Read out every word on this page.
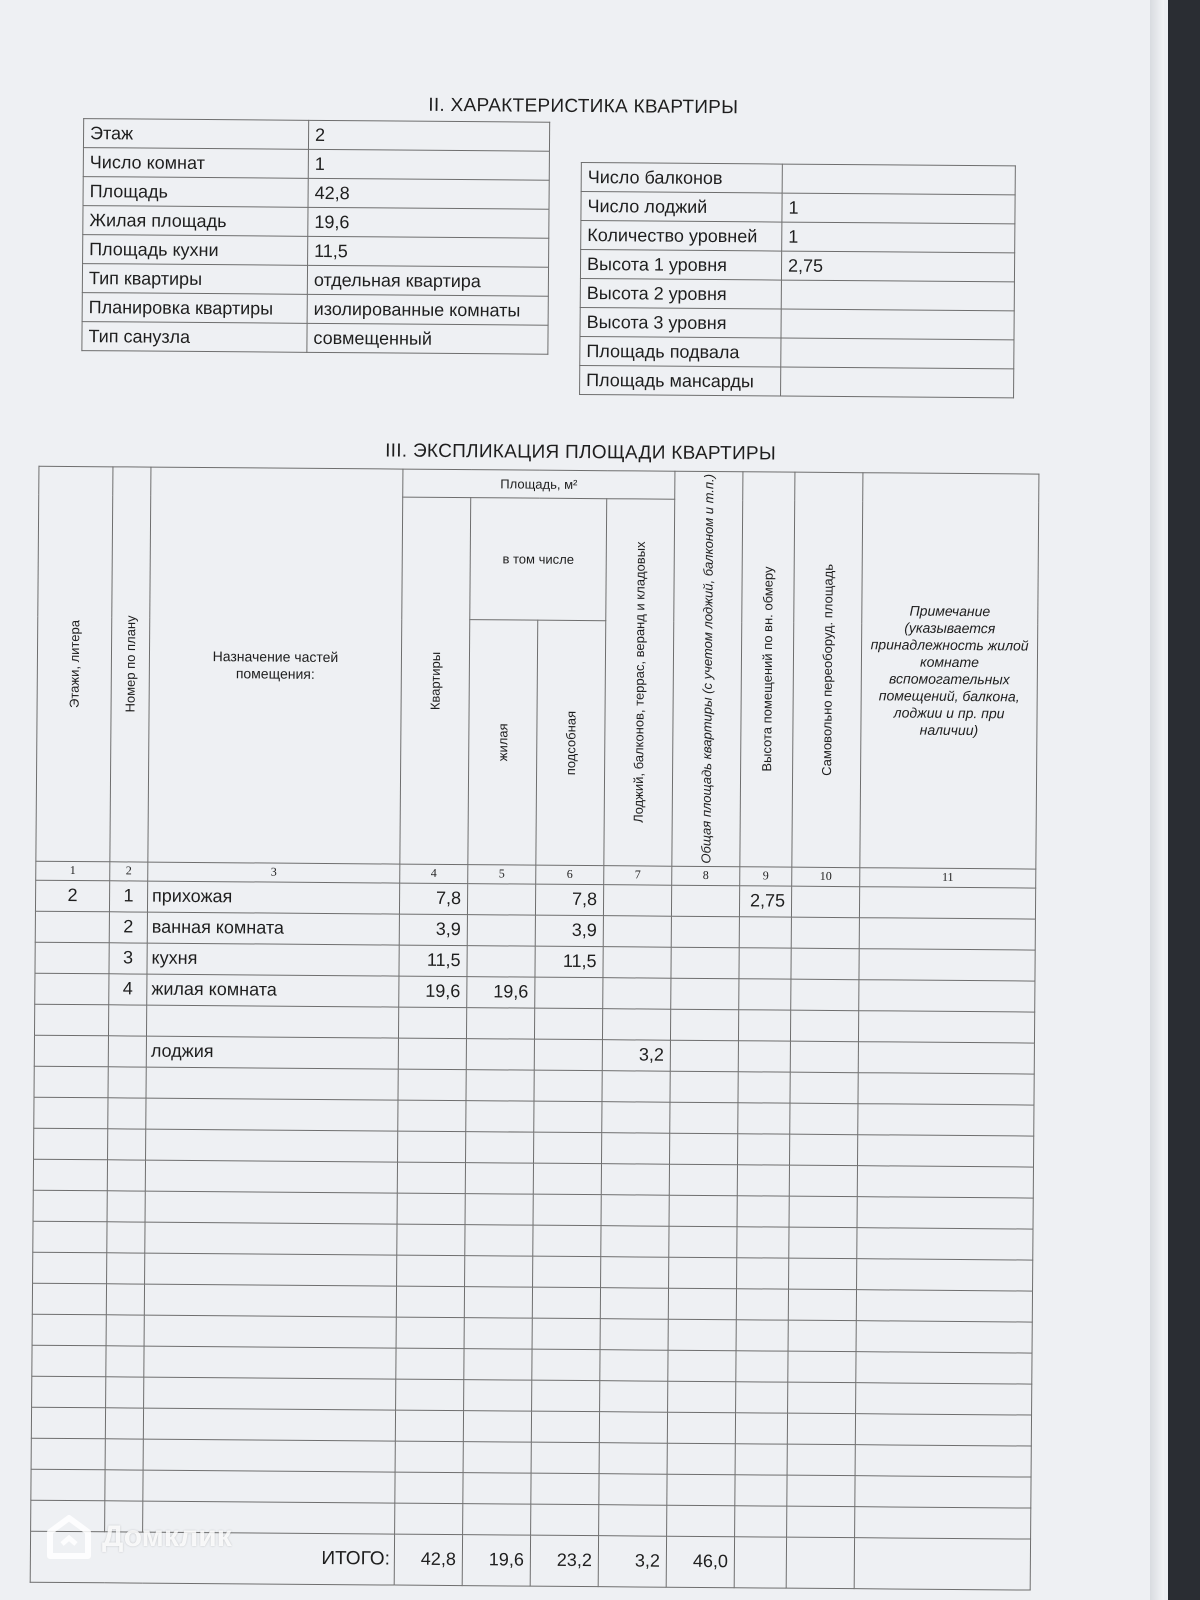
II. ХАРАКТЕРИСТИКА КВАРТИРЫ
Этаж	2
Число комнат	1
Площадь	42,8
Жилая площадь	19,6
Площадь кухни	11,5
Тип квартиры	отдельная квартира
Планировка квартиры	изолированные комнаты
Тип санузла	совмещенный
Число балконов	
Число лоджий	1
Количество уровней	1
Высота 1 уровня	2,75
Высота 2 уровня	
Высота 3 уровня	
Площадь подвала	
Площадь мансарды	
III. ЭКСПЛИКАЦИЯ ПЛОЩАДИ КВАРТИРЫ
Этажи, литера	Номер по плану	Назначение частей помещения:	Площадь, м²				Общая площадь квартиры (с учетом лоджий, балконом и т.п.)	Высота помещений по вн. обмеру	Самовольно переоборуд. площадь	Примечание (указывается принадлежность жилой комнате вспомогательных помещений, балкона, лоджии и пр. при наличии)

			Квартиры	в том числе		Лоджий, балконов, террас, веранд и кладовых				

				жилая	подсобная					

1	2	3	4	5	6	7	8	9	10	11
2	1	прихожая	7,8		7,8			2,75		
	2	ванная комната	3,9		3,9					
	3	кухня	11,5		11,5					
	4	жилая комната	19,6	19,6						

		лоджия				3,2				

ИТОГО:			42,8	19,6	23,2	3,2	46,0			
Домклик
